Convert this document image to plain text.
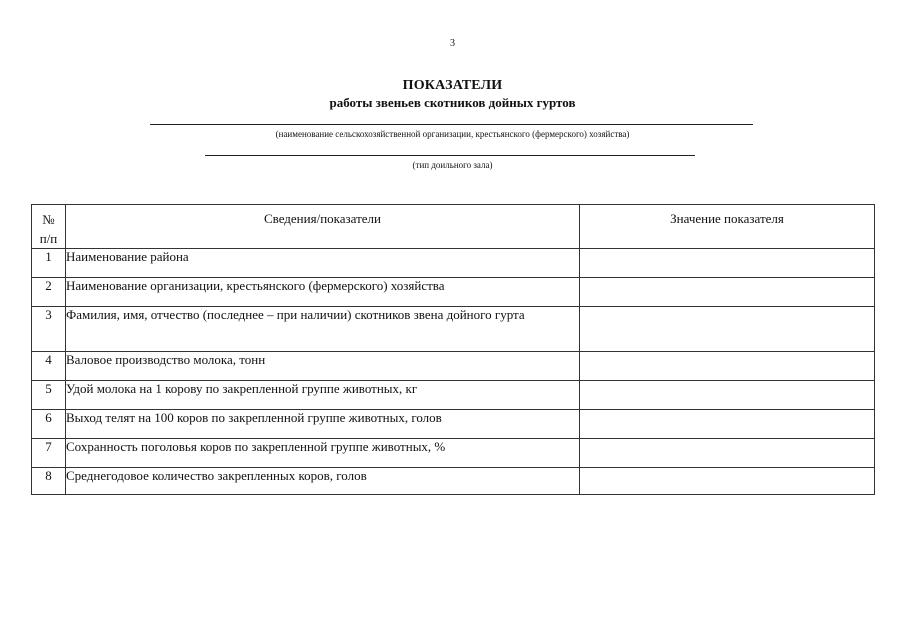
3
ПОКАЗАТЕЛИ
работы звеньев скотников дойных гуртов
(наименование сельскохозяйственной организации, крестьянского (фермерского) хозяйства)
(тип доильного зала)
№
п/п	Сведения/показатели	Значение показателя
1	Наименование района	
2	Наименование организации, крестьянского (фермерского) хозяйства	
3	Фамилия, имя, отчество (последнее – при наличии) скотников звена дойного гурта	
4	Валовое производство молока, тонн	
5	Удой молока на 1 корову по закрепленной группе животных, кг	
6	Выход телят на 100 коров по закрепленной группе животных, голов	
7	Сохранность поголовья коров по закрепленной группе животных, %	
8	Среднегодовое количество закрепленных коров, голов	
